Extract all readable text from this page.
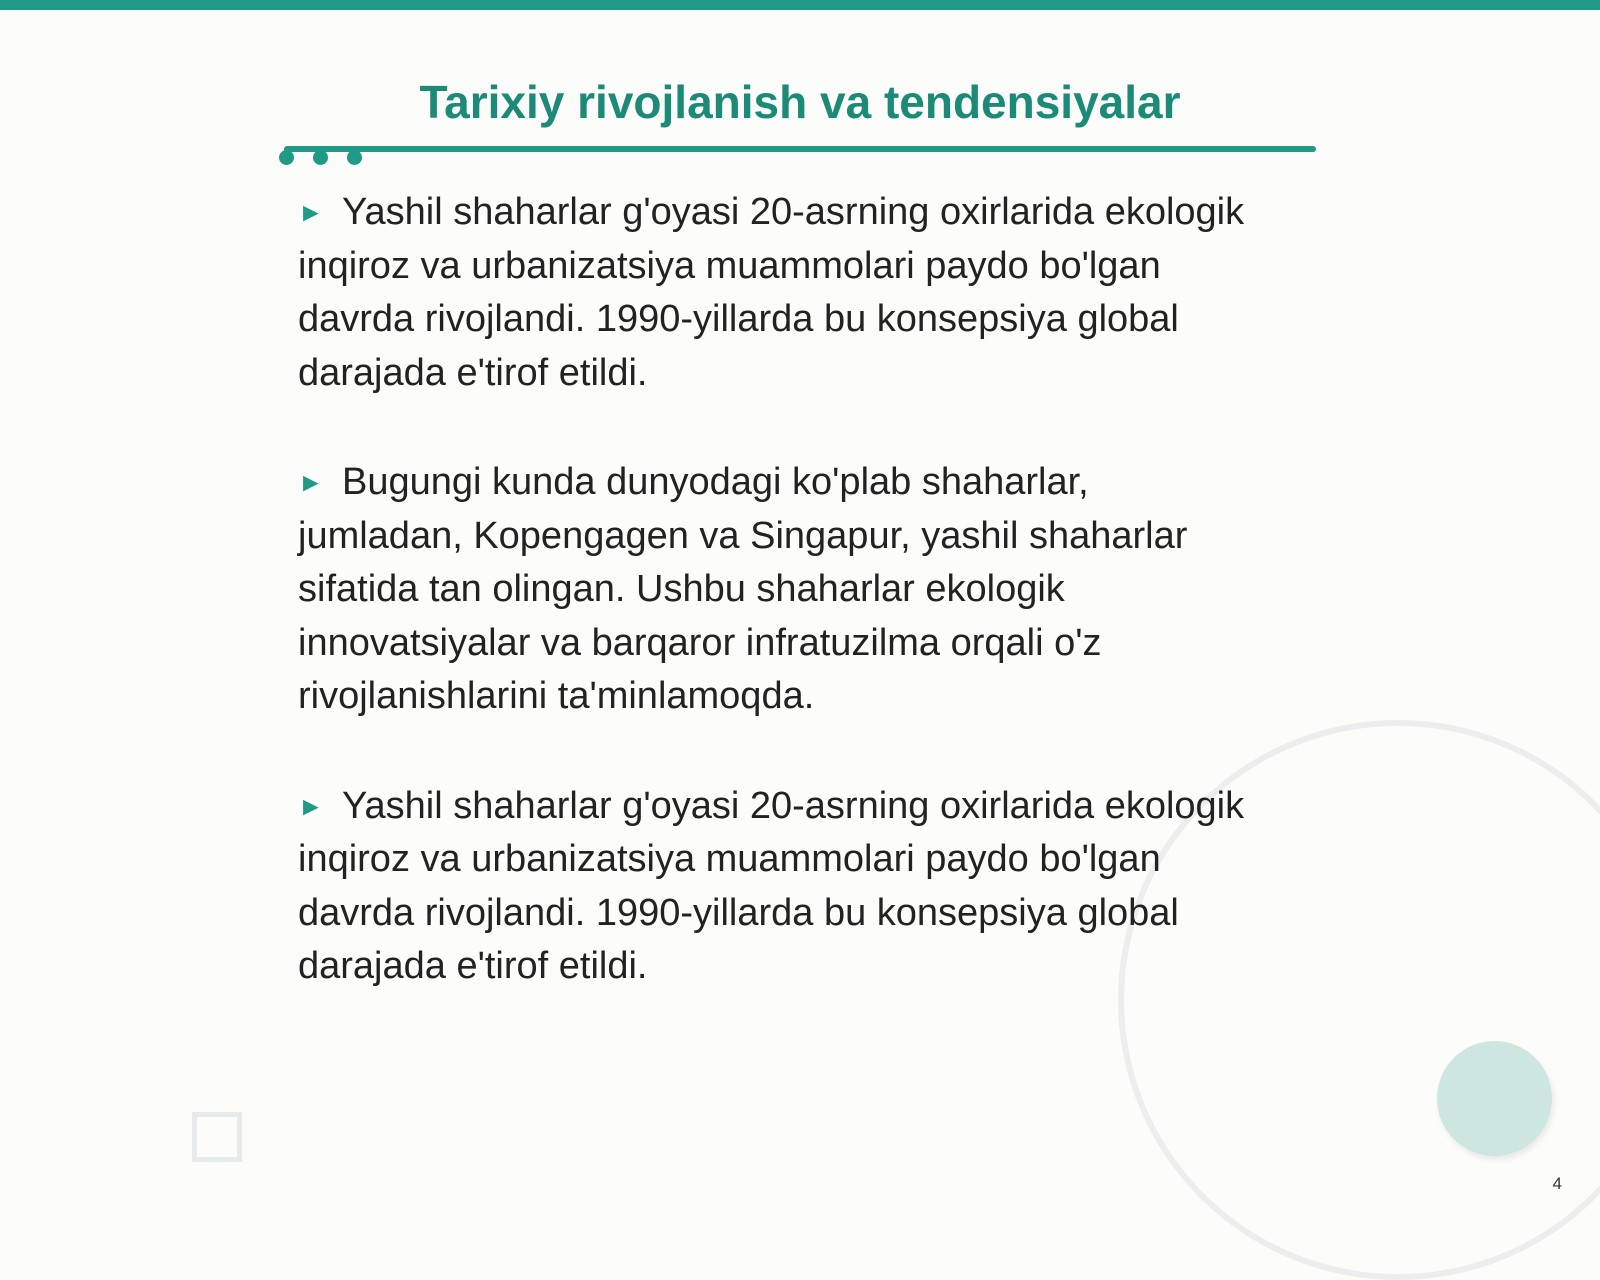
Tarixiy rivojlanish va tendensiyalar

► Yashil shaharlar g'oyasi 20-asrning oxirlarida ekologik
inqiroz va urbanizatsiya muammolari paydo bo'lgan
davrda rivojlandi. 1990-yillarda bu konsepsiya global
darajada e'tirof etildi.

► Bugungi kunda dunyodagi ko'plab shaharlar,
jumladan, Kopengagen va Singapur, yashil shaharlar
sifatida tan olingan. Ushbu shaharlar ekologik
innovatsiyalar va barqaror infratuzilma orqali o'z
rivojlanishlarini ta'minlamoqda.

► Yashil shaharlar g'oyasi 20-asrning oxirlarida ekologik
inqiroz va urbanizatsiya muammolari paydo bo'lgan
davrda rivojlandi. 1990-yillarda bu konsepsiya global
darajada e'tirof etildi.

4
